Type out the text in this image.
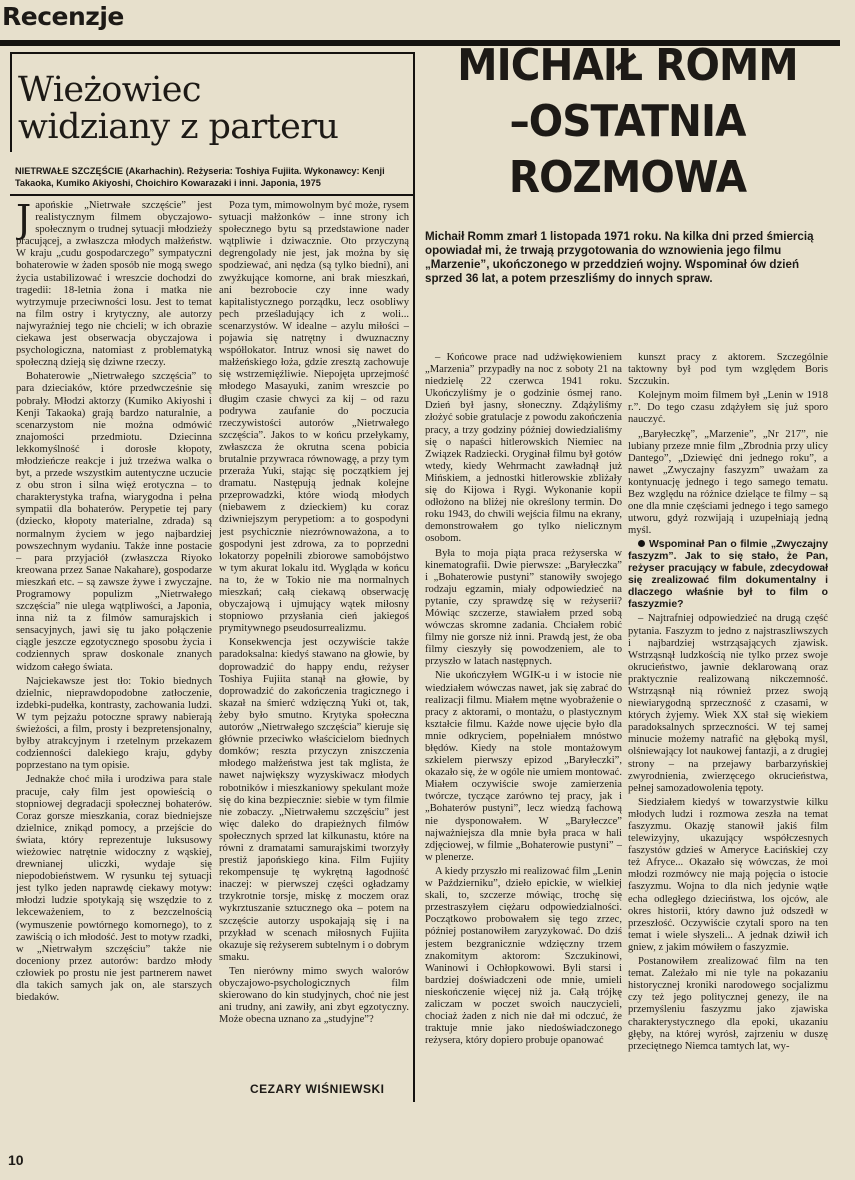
Recenzje
Wieżowiec
widziany z parteru
NIETRWAŁE SZCZĘŚCIE (Akarhachin). Reżyseria: Toshiya Fujiita. Wykonawcy: Kenji Takaoka, Kumiko Akiyoshi, Choichiro Kowarazaki i inni. Japonia, 1975

Japońskie „Nietrwałe szczęście” jest realistycznym filmem obyczajowo-społecznym o trudnej sytuacji młodzieży pracującej, a zwłaszcza młodych małżeństw. W kraju „cudu gospodarczego” sympatyczni bohaterowie w żaden sposób nie mogą swego życia ustabilizować i wreszcie dochodzi do tragedii: 18-letnia żona i matka nie wytrzymuje przeciwności losu. Jest to temat na film ostry i krytyczny, ale autorzy najwyraźniej tego nie chcieli; w ich obrazie ciekawa jest obserwacja obyczajowa i psychologiczna, natomiast z problematyką społeczną dzieją się dziwne rzeczy.

Bohaterowie „Nietrwałego szczęścia” to para dzieciaków, które przedwcześnie się pobrały. Młodzi aktorzy (Kumiko Akiyoshi i Kenji Takaoka) grają bardzo naturalnie, a scenarzystom nie można odmówić znajomości przedmiotu. Dziecinna lekkomyślność i dorosłe kłopoty, młodzieńcze reakcje i już trzeźwa walka o byt, a przede wszystkim autentyczne uczucie z obu stron i silna więź erotyczna – to charakterystyka trafna, wiarygodna i pełna sympatii dla bohaterów. Perypetie tej pary (dziecko, kłopoty materialne, zdrada) są normalnym życiem w jego najbardziej powszechnym wydaniu. Także inne postacie – para przyjaciół (zwłaszcza Riyoko kreowana przez Sanae Nakahare), gospodarze mieszkań etc. – są zawsze żywe i zwyczajne. Programowy populizm „Nietrwałego szczęścia” nie ulega wątpliwości, a Japonia, inna niż ta z filmów samurajskich i sensacyjnych, jawi się tu jako połączenie ciągle jeszcze egzotycznego sposobu życia i codziennych spraw doskonale znanych widzom całego świata.

Najciekawsze jest tło: Tokio biednych dzielnic, nieprawdopodobne zatłoczenie, izdebki-pudełka, kontrasty, zachowania ludzi. W tym pejzażu potoczne sprawy nabierają świeżości, a film, prosty i bezpretensjonalny, byłby atrakcyjnym i rzetelnym przekazem codzienności dalekiego kraju, gdyby poprzestano na tym opisie.

Jednakże choć miła i urodziwa para stale pracuje, cały film jest opowieścią o stopniowej degradacji społecznej bohaterów. Coraz gorsze mieszkania, coraz biedniejsze dzielnice, znikąd pomocy, a przejście do świata, który reprezentuje luksusowy wieżowiec natrętnie widoczny z wąskiej, drewnianej uliczki, wydaje się niepodobieństwem. W rysunku tej sytuacji jest tylko jeden naprawdę ciekawy motyw: młodzi ludzie spotykają się wszędzie to z lekceważeniem, to z bezczelnością (wymuszenie powtórnego komornego), to z zawiścią o ich młodość. Jest to motyw rzadki, w „Nietrwałym szczęściu” także nie doceniony przez autorów: bardzo młody człowiek po prostu nie jest partnerem nawet dla takich samych jak on, ale starszych biedaków.

Poza tym, mimowolnym być może, rysem sytuacji małżonków – inne strony ich społecznego bytu są przedstawione nader wątpliwie i dziwacznie. Oto przyczyną degrengolady nie jest, jak można by się spodziewać, ani nędza (są tylko biedni), ani zwyżkujące komorne, ani brak mieszkań, ani bezrobocie czy inne wady kapitalistycznego porządku, lecz osobliwy pech prześladujący ich z woli... scenarzystów. W idealne – azylu miłości – pojawia się natrętny i dwuznaczny współlokator. Intruz wnosi się nawet do małżeńskiego łoża, gdzie zresztą zachowuje się wstrzemięźliwie. Niepojęta uprzejmość młodego Masayuki, zanim wreszcie po długim czasie chwyci za kij – od razu podrywa zaufanie do poczucia rzeczywistości autorów „Nietrwałego szczęścia”. Jakos to w końcu przełykamy, zwłaszcza że okrutna scena pobicia brutalnie przywraca równowagę, a przy tym przeraża Yuki, stając się początkiem jej dramatu. Następują jednak kolejne przeprowadzki, które wiodą młodych (niebawem z dzieckiem) ku coraz dziwniejszym perypetiom: a to gospodyni jest psychicznie niezrównoważona, a to gospodyni jest zdrowa, za to poprzedni lokatorzy popełnili zbiorowe samobójstwo w tym akurat lokalu itd. Wygląda w końcu na to, że w Tokio nie ma normalnych mieszkań; całą ciekawą obserwację obyczajową i ujmujący wątek miłosny stopniowo przysłania cień jakiegoś prymitywnego pseudosurrealizmu.

Konsekwencja jest oczywiście także paradoksalna: kiedyś stawano na głowie, by doprowadzić do happy endu, reżyser Toshiya Fujiita stanął na głowie, by doprowadzić do zakończenia tragicznego i skazał na śmierć wdzięczną Yuki ot, tak, żeby było smutno. Krytyka społeczna autorów „Nietrwałego szczęścia” kieruje się głównie przeciwko właścicielom biednych domków; reszta przyczyn zniszczenia młodego małżeństwa jest tak mglista, że nawet największy wyzyskiwacz młodych robotników i mieszkaniowy spekulant może się do kina bezpiecznie: siebie w tym filmie nie zobaczy. „Nietrwałemu szczęściu” jest więc daleko do drapieżnych filmów społecznych sprzed lat kilkunastu, które na równi z dramatami samurajskimi tworzyły prestiż japońskiego kina. Film Fujiity rekompensuje tę wykrętną łagodność inaczej: w pierwszej części ogładzamy trzykrotnie torsje, miskę z moczem oraz wykrztuszanie sztucznego oka – potem na szczęście autorzy uspokajają się i na przykład w scenach miłosnych Fujiita okazuje się reżyserem subtelnym i o dobrym smaku.

Ten nierówny mimo swych walorów obyczajowo-psychologicznych film skierowano do kin studyjnych, choć nie jest ani trudny, ani zawiły, ani zbyt egzotyczny. Może obecna uznano za „studyjne”?

CEZARY WIŚNIEWSKI
10
MICHAIŁ ROMM
–OSTATNIA
ROZMOWA
Michaił Romm zmarł 1 listopada 1971 roku. Na kilka dni przed śmiercią opowiadał mi, że trwają przygotowania do wznowienia jego filmu „Marzenie”, ukończonego w przeddzień wojny. Wspominał ów dzień sprzed 36 lat, a potem przeszliśmy do innych spraw.

– Końcowe prace nad udźwiękowieniem „Marzenia” przypadły na noc z soboty 21 na niedzielę 22 czerwca 1941 roku. Ukończyliśmy je o godzinie ósmej rano. Dzień był jasny, słoneczny. Zdążyliśmy złożyć sobie gratulacje z powodu zakończenia pracy, a trzy godziny później dowiedzialiśmy się o napaści hitlerowskich Niemiec na Związek Radziecki. Oryginał filmu był gotów wtedy, kiedy Wehrmacht zawładnął już Mińskiem, a jednostki hitlerowskie zbliżały się do Kijowa i Rygi. Wykonanie kopii odłożono na bliżej nie określony termin. Do roku 1943, do chwili wejścia filmu na ekrany, demonstrowałem go tylko nielicznym osobom.

Była to moja piąta praca reżyserska w kinematografii. Dwie pierwsze: „Baryłeczka” i „Bohaterowie pustyni” stanowiły swojego rodzaju egzamin, miały odpowiedzieć na pytanie, czy sprawdzę się w reżyserii? Mówiąc szczerze, stawiałem przed sobą wówczas skromne zadania. Chciałem robić filmy nie gorsze niż inni. Prawdą jest, że oba filmy cieszyły się powodzeniem, ale to przyszło w latach następnych.

Nie ukończyłem WGIK-u i w istocie nie wiedziałem wówczas nawet, jak się zabrać do realizacji filmu. Miałem mętne wyobrażenie o pracy z aktorami, o montażu, o plastycznym kształcie filmu. Każde nowe ujęcie było dla mnie odkryciem, popełniałem mnóstwo błędów. Kiedy na stole montażowym szkielem pierwszy epizod „Baryłeczki”, okazało się, że w ogóle nie umiem montować. Miałem oczywiście swoje zamierzenia twórcze, tyczące zarówno tej pracy, jak i „Bohaterów pustyni”, lecz wiedzą fachową nie dysponowałem. W „Baryłeczce” najważniejsza dla mnie była praca w hali zdjęciowej, w filmie „Bohaterowie pustyni” – w plenerze.

A kiedy przyszło mi realizować film „Lenin w Październiku”, dzieło epickie, w wielkiej skali, to, szczerze mówiąc, trochę się przestraszyłem ciężaru odpowiedzialności. Początkowo probowałem się tego zrzec, później postanowiłem zaryzykować. Do dziś jestem bezgranicznie wdzięczny trzem znakomitym aktorom: Szczukinowi, Waninowi i Ochłopkowowi. Byli starsi i bardziej doświadczeni ode mnie, umieli nieskończenie więcej niż ja. Całą trójkę zaliczam w poczet swoich nauczycieli, chociaż żaden z nich nie dał mi odczuć, że traktuje mnie jako niedoświadczonego reżysera, który dopiero probuje opanować

kunszt pracy z aktorem. Szczególnie taktowny był pod tym względem Boris Szczukin.

Kolejnym moim filmem był „Lenin w 1918 r.”. Do tego czasu zdążyłem się już sporo nauczyć.

„Baryłeczkę”, „Marzenie”, „Nr 217”, nie lubiany przeze mnie film „Zbrodnia przy ulicy Dantego”, „Dziewięć dni jednego roku”, a nawet „Zwyczajny faszyzm” uważam za kontynuację jednego i tego samego tematu. Bez względu na różnice dzielące te filmy – są one dla mnie częściami jednego i tego samego utworu, gdyż rozwijają i uzupełniają jedną myśl.

Wspominał Pan o filmie „Zwyczajny faszyzm”. Jak to się stało, że Pan, reżyser pracujący w fabule, zdecydował się zrealizować film dokumentalny i dlaczego właśnie był to film o faszyzmie?

– Najtrafniej odpowiedzieć na drugą część pytania. Faszyzm to jedno z najstraszliwszych i najbardziej wstrząsających zjawisk. Wstrząsnął ludzkością nie tylko przez swoje okrucieństwo, jawnie deklarowaną oraz praktycznie realizowaną nikczemność. Wstrząsnął nią również przez swoją niewiarygodną sprzeczność z czasami, w których żyjemy. Wiek XX stał się wiekiem paradoksalnych sprzeczności. W tej samej minucie możemy natrafić na głęboką myśl, olśniewający lot naukowej fantazji, a z drugiej strony – na przejawy barbarzyńskiej zwyrodnienia, zwierzęcego okrucieństwa, pełnej samozadowolenia tępoty.

Siedziałem kiedyś w towarzystwie kilku młodych ludzi i rozmowa zeszła na temat faszyzmu. Okazję stanowił jakiś film telewizyjny, ukazujący współczesnych faszystów gdzieś w Ameryce Łacińskiej czy też Afryce... Okazało się wówczas, że moi młodzi rozmówcy nie mają pojęcia o istocie faszyzmu. Wojna to dla nich jedynie wątłe echa odległego dzieciństwa, los ojców, ale okres historii, który dawno już odszedł w przeszłość. Oczywiście czytali sporo na ten temat i wiele słyszeli... A jednak dziwił ich gniew, z jakim mówiłem o faszyzmie.

Postanowiłem zrealizować film na ten temat. Zależało mi nie tyle na pokazaniu historycznej kroniki narodowego socjalizmu czy też jego politycznej genezy, ile na przemyśleniu faszyzmu jako zjawiska charakterystycznego dla epoki, ukazaniu głęby, na której wyrósł, zajrzeniu w duszę przeciętnego Niemca tamtych lat, wy-
